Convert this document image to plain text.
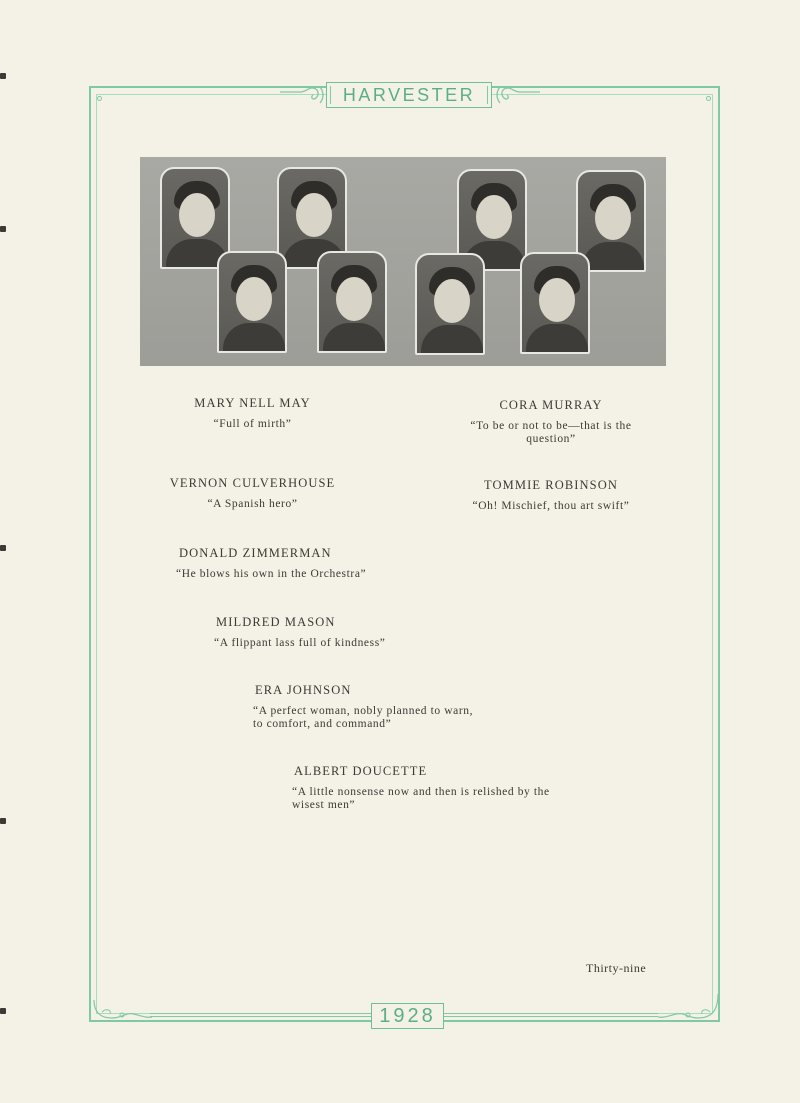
HARVESTER
MARY NELL MAY
“Full of mirth”
CORA MURRAY
“To be or not to be—that is the question”
VERNON CULVERHOUSE
“A Spanish hero”
TOMMIE ROBINSON
“Oh! Mischief, thou art swift”
DONALD ZIMMERMAN
“He blows his own in the Orchestra”
MILDRED MASON
“A flippant lass full of kindness”
ERA JOHNSON
“A perfect woman, nobly planned to warn, to comfort, and command”
ALBERT DOUCETTE
“A little nonsense now and then is relished by the wisest men”
Thirty-nine
1928
